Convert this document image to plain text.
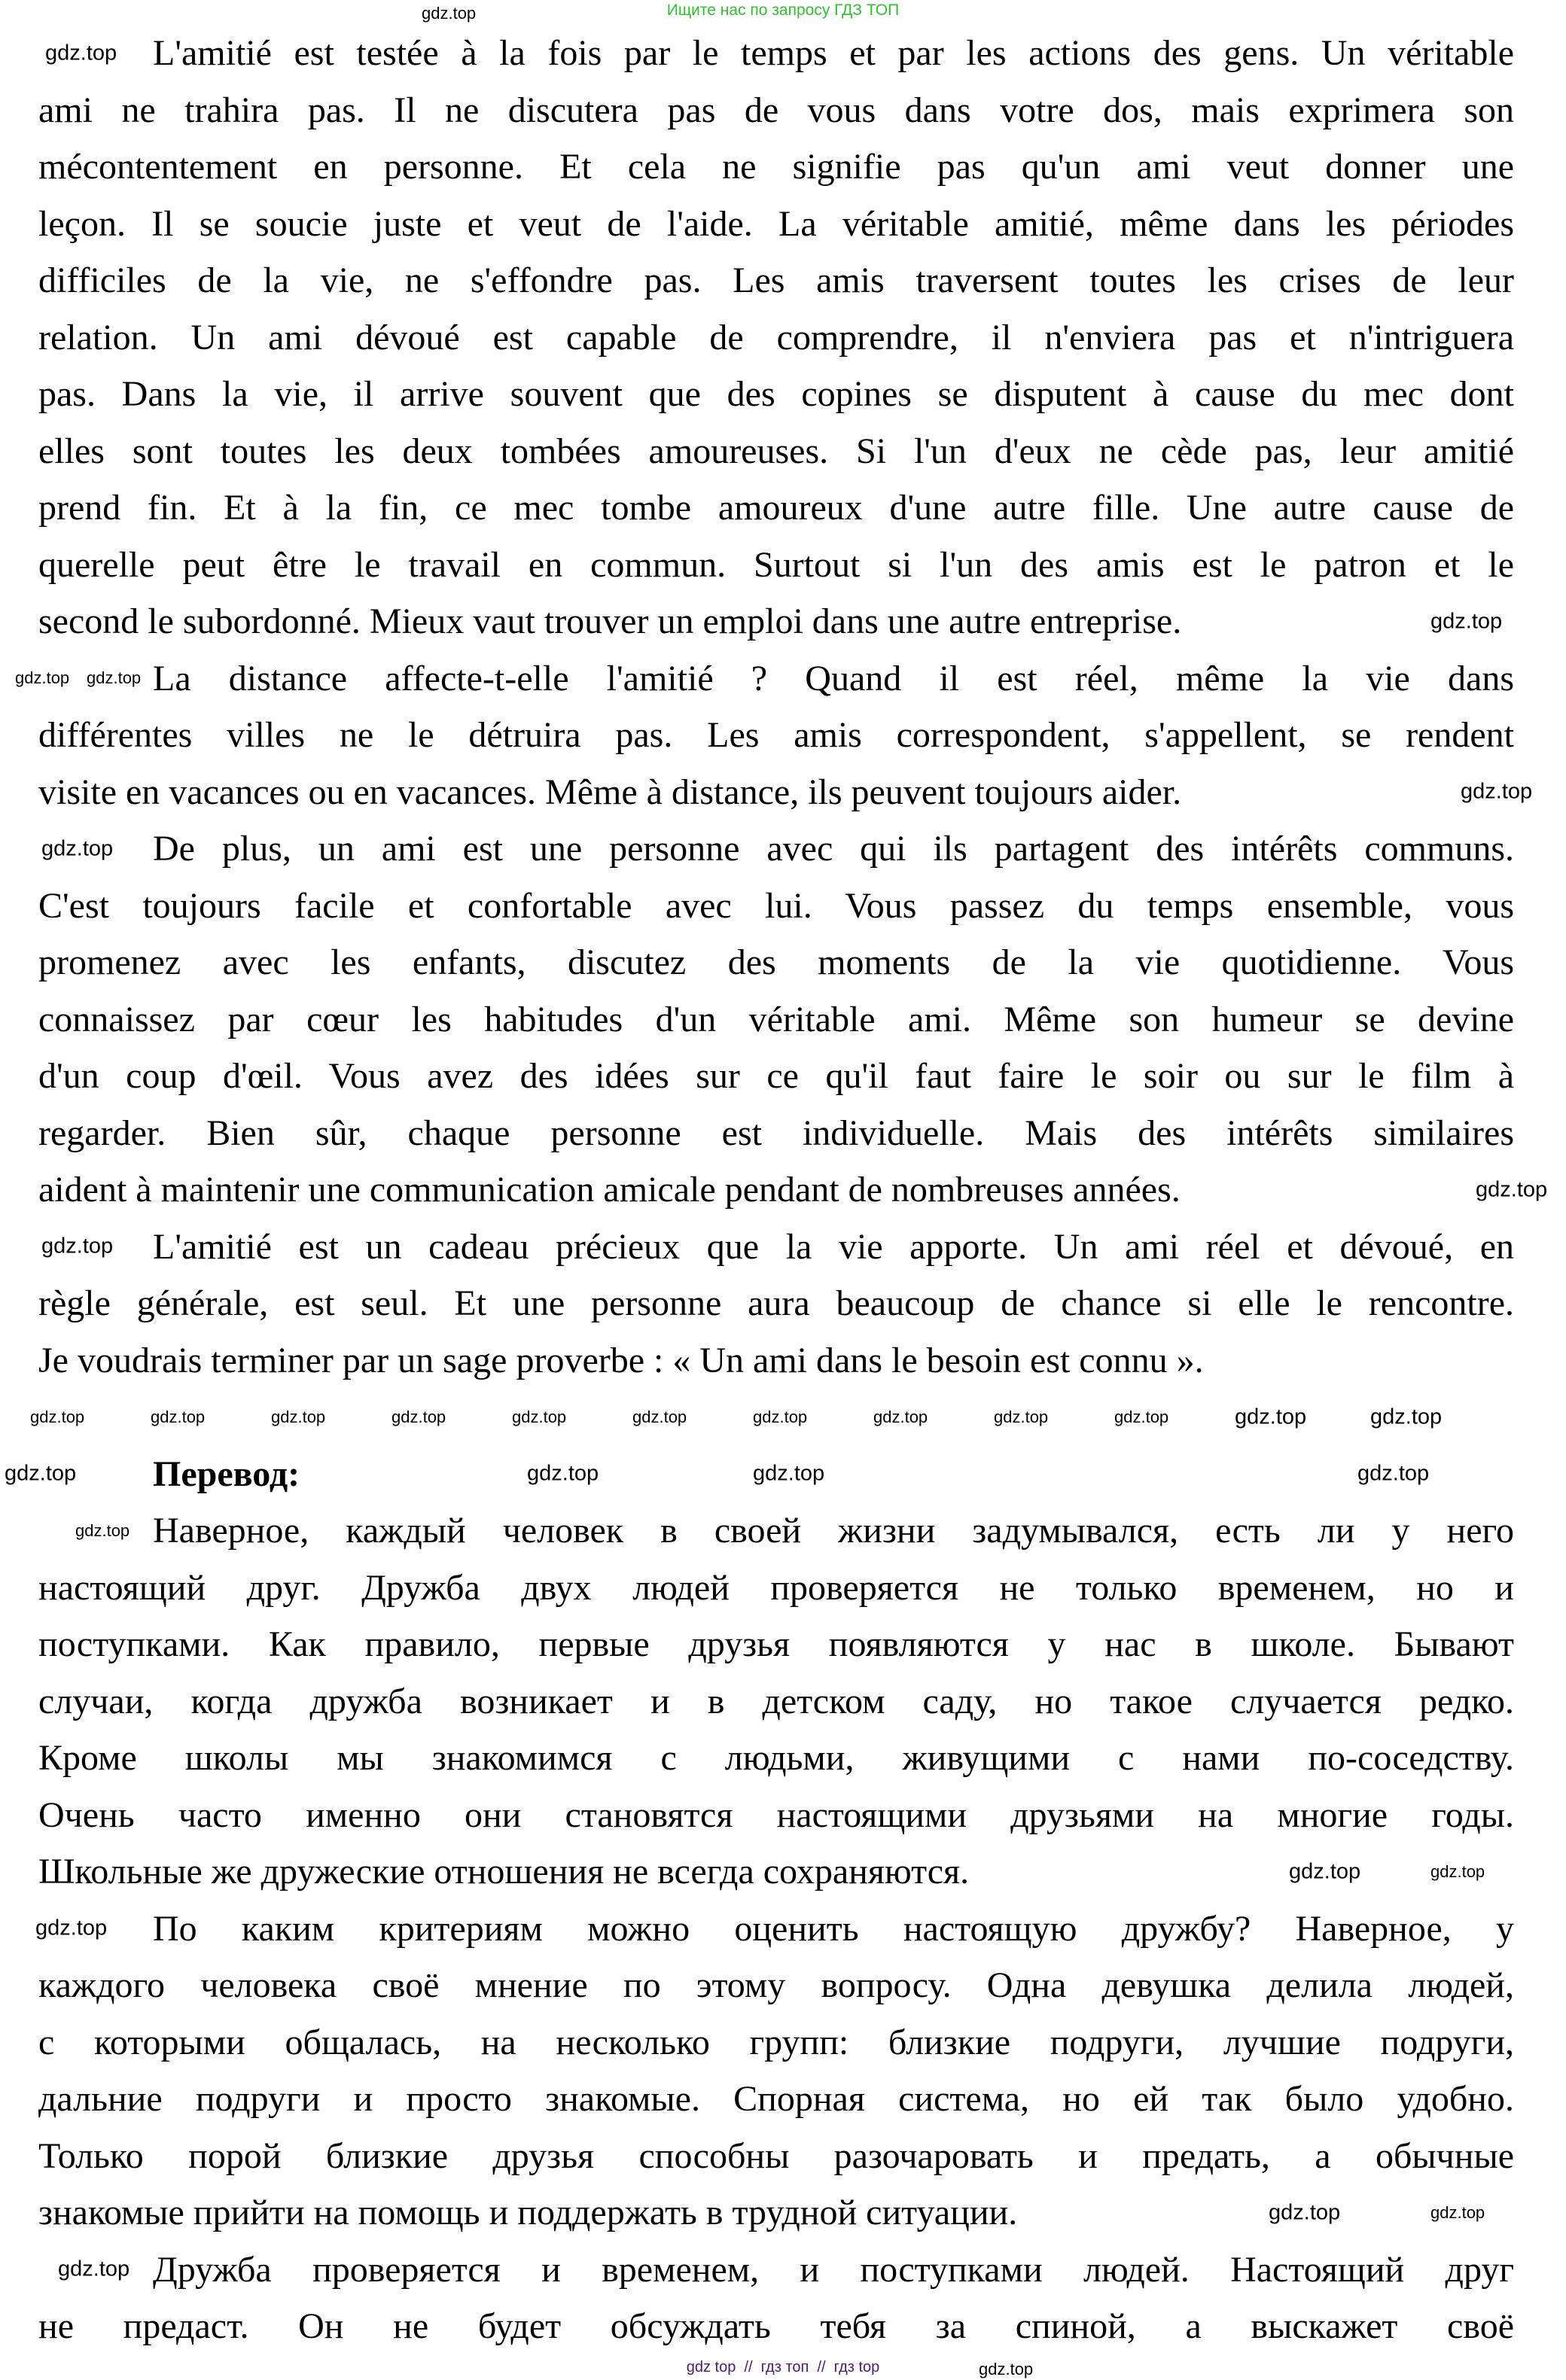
Ищите нас по запросу ГДЗ ТОП
L'amitié est testée à la fois par le temps et par les actions des gens. Un véritable
ami ne trahira pas. Il ne discutera pas de vous dans votre dos, mais exprimera son
mécontentement en personne. Et cela ne signifie pas qu'un ami veut donner une
leçon. Il se soucie juste et veut de l'aide. La véritable amitié, même dans les périodes
difficiles de la vie, ne s'effondre pas. Les amis traversent toutes les crises de leur
relation. Un ami dévoué est capable de comprendre, il n'enviera pas et n'intriguera
pas. Dans la vie, il arrive souvent que des copines se disputent à cause du mec dont
elles sont toutes les deux tombées amoureuses. Si l'un d'eux ne cède pas, leur amitié
prend fin. Et à la fin, ce mec tombe amoureux d'une autre fille. Une autre cause de
querelle peut être le travail en commun. Surtout si l'un des amis est le patron et le
second le subordonné. Mieux vaut trouver un emploi dans une autre entreprise.
La distance affecte-t-elle l'amitié ? Quand il est réel, même la vie dans
différentes villes ne le détruira pas. Les amis correspondent, s'appellent, se rendent
visite en vacances ou en vacances. Même à distance, ils peuvent toujours aider.
De plus, un ami est une personne avec qui ils partagent des intérêts communs.
C'est toujours facile et confortable avec lui. Vous passez du temps ensemble, vous
promenez avec les enfants, discutez des moments de la vie quotidienne. Vous
connaissez par cœur les habitudes d'un véritable ami. Même son humeur se devine
d'un coup d'œil. Vous avez des idées sur ce qu'il faut faire le soir ou sur le film à
regarder. Bien sûr, chaque personne est individuelle. Mais des intérêts similaires
aident à maintenir une communication amicale pendant de nombreuses années.
L'amitié est un cadeau précieux que la vie apporte. Un ami réel et dévoué, en
règle générale, est seul. Et une personne aura beaucoup de chance si elle le rencontre.
Je voudrais terminer par un sage proverbe : « Un ami dans le besoin est connu ».
Перевод:
Наверное, каждый человек в своей жизни задумывался, есть ли у него
настоящий друг. Дружба двух людей проверяется не только временем, но и
поступками. Как правило, первые друзья появляются у нас в школе. Бывают
случаи, когда дружба возникает и в детском саду, но такое случается редко.
Кроме школы мы знакомимся с людьми, живущими с нами по-соседству.
Очень часто именно они становятся настоящими друзьями на многие годы.
Школьные же дружеские отношения не всегда сохраняются.
По каким критериям можно оценить настоящую дружбу? Наверное, у
каждого человека своё мнение по этому вопросу. Одна девушка делила людей,
с которыми общалась, на несколько групп: близкие подруги, лучшие подруги,
дальние подруги и просто знакомые. Спорная система, но ей так было удобно.
Только порой близкие друзья способны разочаровать и предать, а обычные
знакомые прийти на помощь и поддержать в трудной ситуации.
Дружба проверяется и временем, и поступками людей. Настоящий друг
не предаст. Он не будет обсуждать тебя за спиной, а выскажет своё
gdz.top
gdz.top
gdz.top gdz.top
gdz.top
gdz.top
gdz.top
gdz.top
gdz.top
gdz.top	gdz.top	gdz.top	gdz.top	gdz.top	gdz.top	gdz.top	gdz.top	gdz.top	gdz.top	gdz.top	gdz.top
gdz.top	gdz.top	gdz.top	gdz.top
gdz.top
gdz.top	gdz.top
gdz.top
gdz.top	gdz.top
gdz.top
gdz.top
gdz top  //  гдз топ  //  гдз top
